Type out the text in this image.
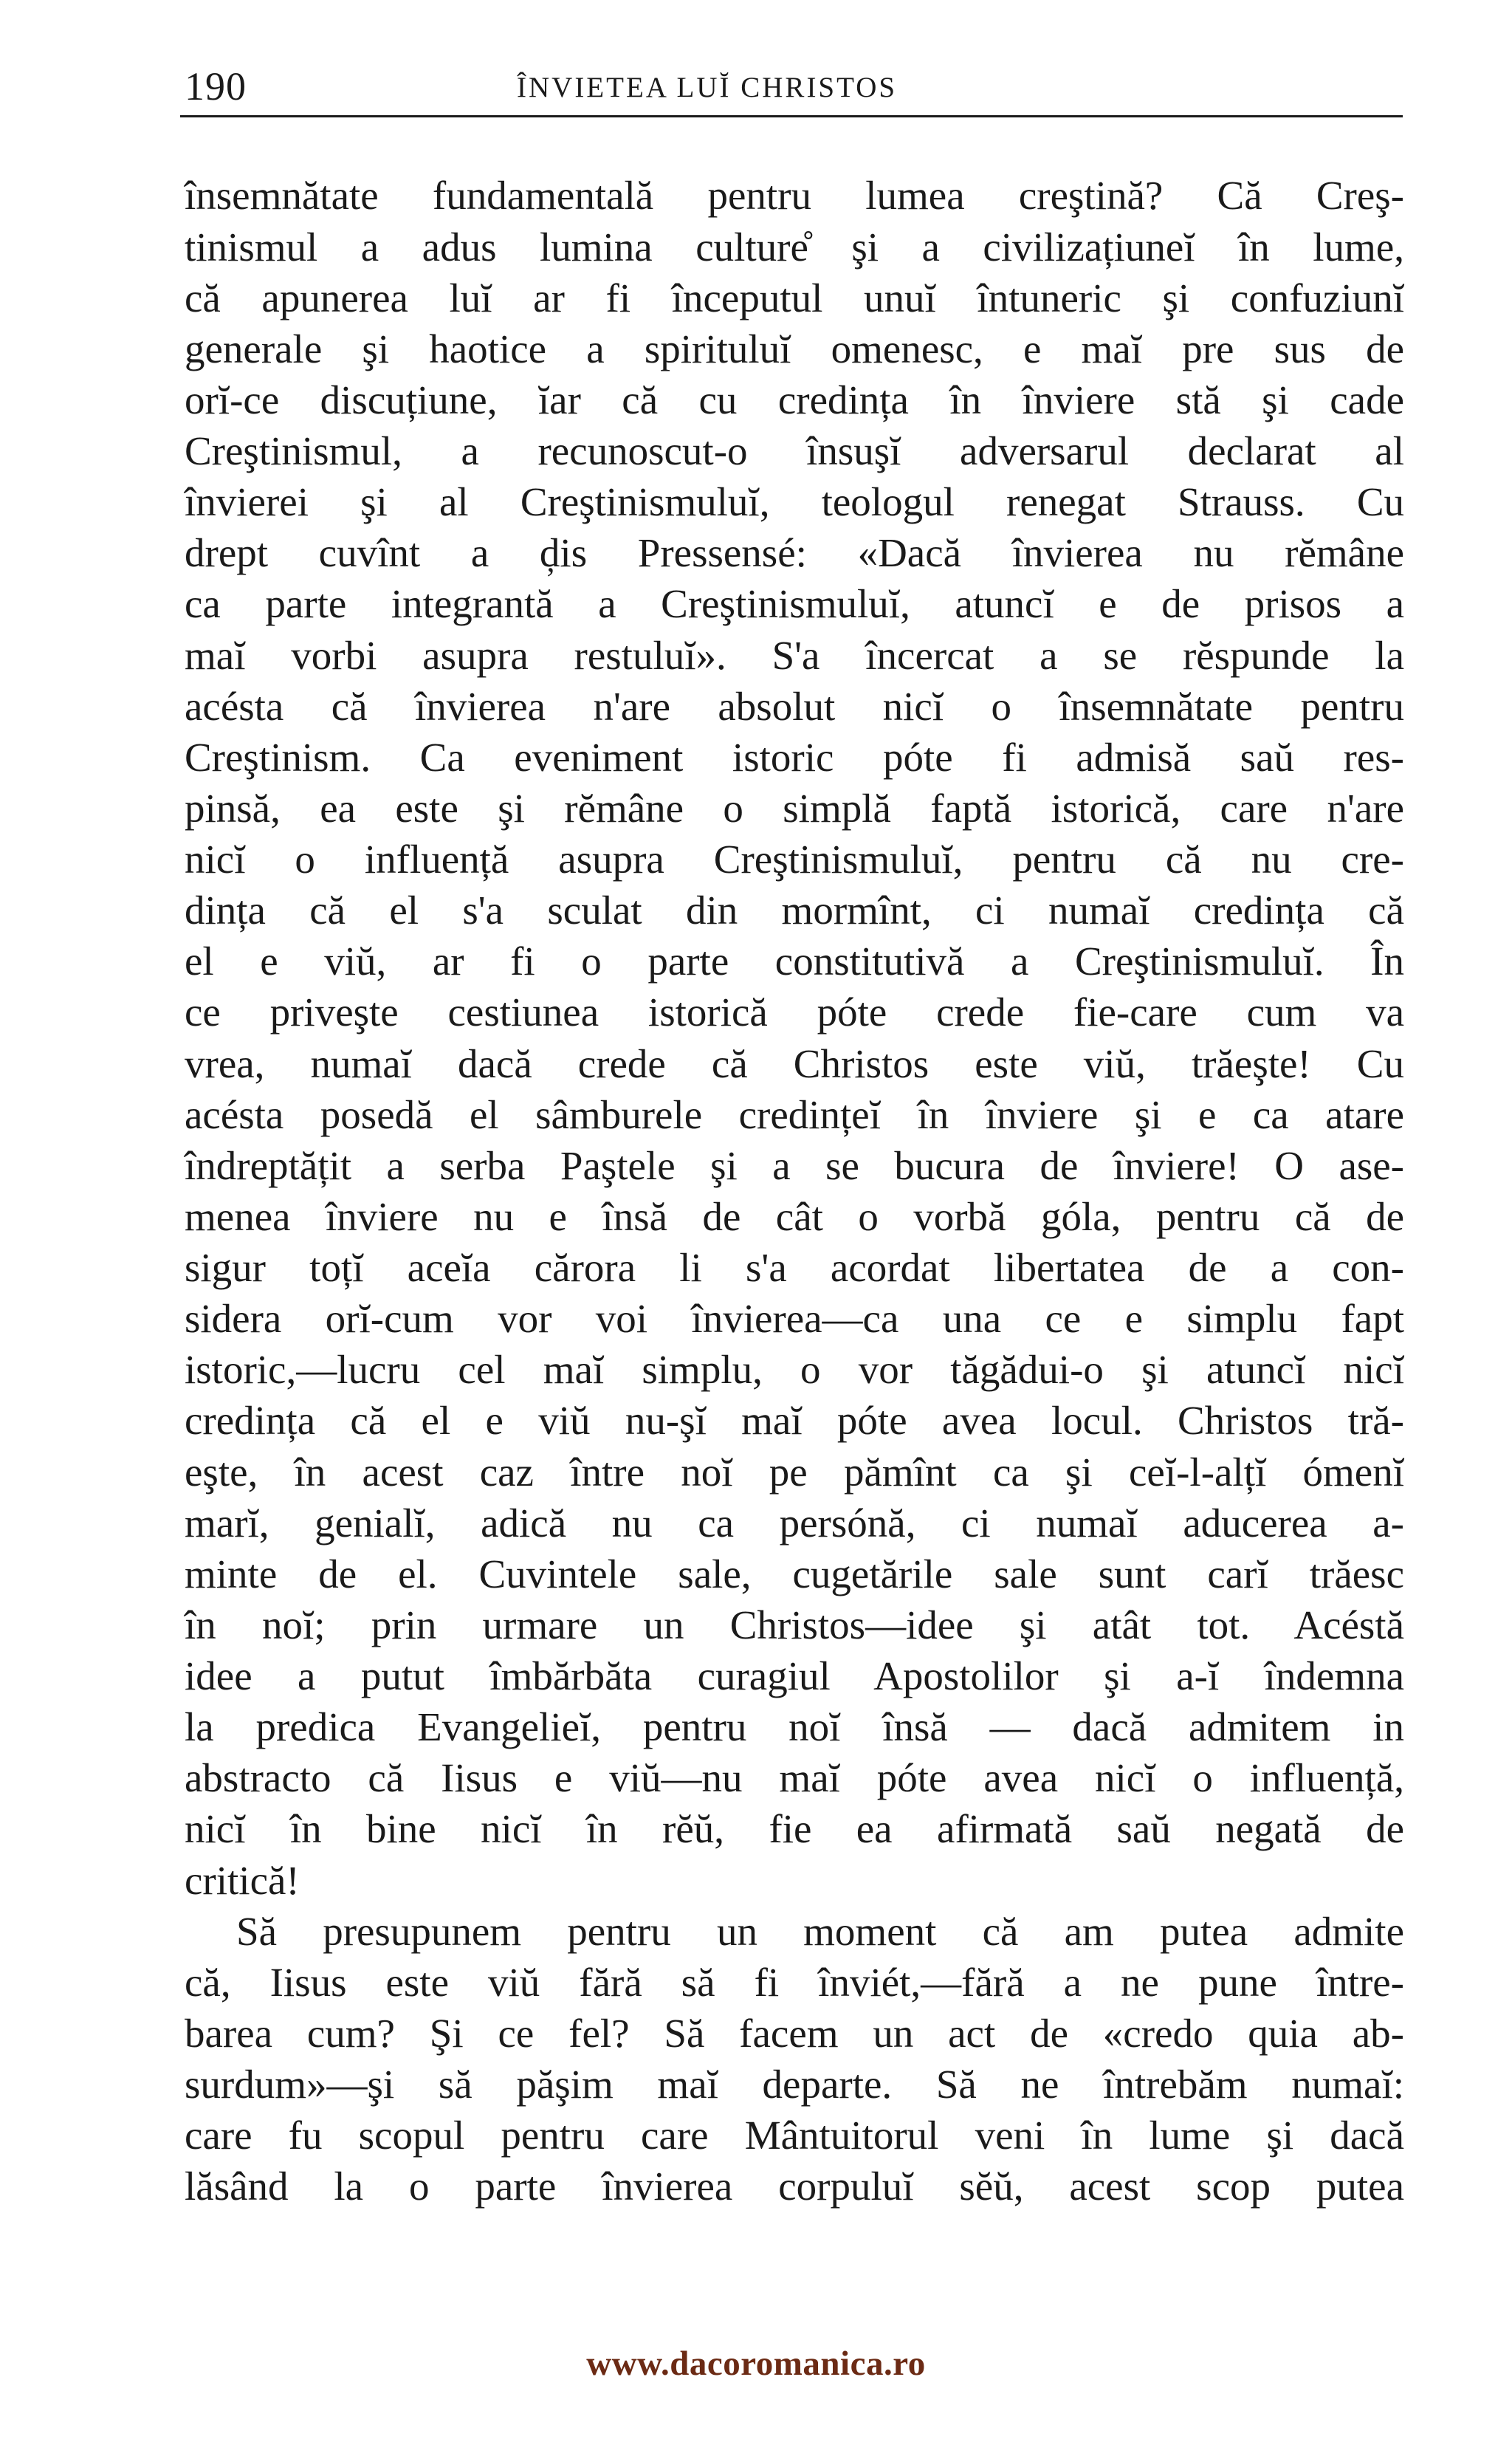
190	ÎNVIETEA LUĬ CHRISTOS
însemnătate fundamentală pentru lumea creştină? Că Creş-
tinismul a adus lumina culture̊ şi a civilizațiuneĭ în lume,
că apunerea luĭ ar fi începutul unuĭ întuneric şi confuziunĭ
generale şi haotice a spirituluĭ omenesc, e maĭ pre sus de
orĭ-ce discuțiune, ĭar că cu credința în înviere stă şi cade
Creştinismul, a recunoscut-o însuşĭ adversarul declarat al
învierei şi al Creştinismuluĭ, teologul renegat Strauss. Cu
drept cuvînt a ḑis Pressensé: «Dacă învierea nu rĕmâne
ca parte integrantă a Creştinismuluĭ, atuncĭ e de prisos a
maĭ vorbi asupra restuluĭ». S'a încercat a se rĕspunde la
acésta că învierea n'are absolut nicĭ o însemnătate pentru
Creştinism. Ca eveniment istoric póte fi admisă saŭ res-
pinsă, ea este şi rĕmâne o simplă faptă istorică, care n'are
nicĭ o influență asupra Creştinismuluĭ, pentru că nu cre-
dința că el s'a sculat din mormînt, ci numaĭ credința că
el e viŭ, ar fi o parte constitutivă a Creştinismuluĭ. În
ce priveşte cestiunea istorică póte crede fie-care cum va
vrea, numaĭ dacă crede că Christos este viŭ, trăeşte! Cu
acésta posedă el sâmburele credințeĭ în înviere şi e ca atare
îndreptățit a serba Paştele şi a se bucura de înviere! O ase-
menea înviere nu e însă de cât o vorbă góla, pentru că de
sigur toțĭ aceĭa cărora li s'a acordat libertatea de a con-
sidera orĭ-cum vor voi învierea—ca una ce e simplu fapt
istoric,—lucru cel maĭ simplu, o vor tăgădui-o şi atuncĭ nicĭ
credința că el e viŭ nu-şĭ maĭ póte avea locul. Christos tră-
eşte, în acest caz între noĭ pe pămînt ca şi ceĭ-l-alțĭ ómenĭ
marĭ, genialĭ, adică nu ca persónă, ci numaĭ aducerea a-
minte de el. Cuvintele sale, cugetările sale sunt carĭ trăesc
în noĭ; prin urmare un Christos—idee şi atât tot. Acéstă
idee a putut îmbărbăta curagiul Apostolilor şi a-ĭ îndemna
la predica Evangelieĭ, pentru noĭ însă — dacă admitem in
abstracto că Iisus e viŭ—nu maĭ póte avea nicĭ o influență,
nicĭ în bine nicĭ în rĕŭ, fie ea afirmată saŭ negată de
critică!
Să presupunem pentru un moment că am putea admite
că, Iisus este viŭ fără să fi înviét,—fără a ne pune între-
barea cum? Şi ce fel? Să facem un act de «credo quia ab-
surdum»—şi să păşim maĭ departe. Să ne întrebăm numaĭ:
care fu scopul pentru care Mântuitorul veni în lume şi dacă
lăsând la o parte învierea corpuluĭ sĕŭ, acest scop putea
www.dacoromanica.ro
